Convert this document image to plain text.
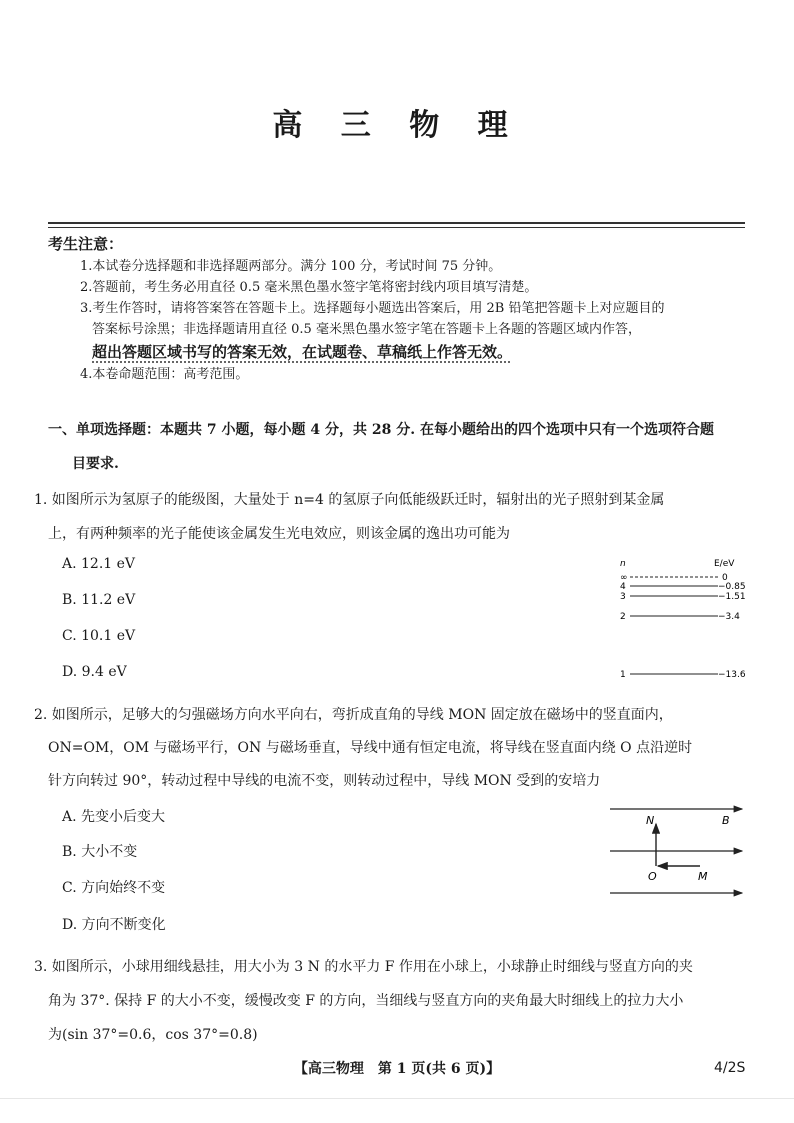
高 三 物 理
考生注意：

1.本试卷分选择题和非选择题两部分。满分 100 分，考试时间 75 分钟。

2.答题前，考生务必用直径 0.5 毫米黑色墨水签字笔将密封线内项目填写清楚。

3.考生作答时，请将答案答在答题卡上。选择题每小题选出答案后，用 2B 铅笔把答题卡上对应题目的

答案标号涂黑；非选择题请用直径 0.5 毫米黑色墨水签字笔在答题卡上各题的答题区域内作答，

超出答题区域书写的答案无效，在试题卷、草稿纸上作答无效。

4.本卷命题范围：高考范围。

一、单项选择题：本题共 7 小题，每小题 4 分，共 28 分. 在每小题给出的四个选项中只有一个选项符合题
目要求.
1. 如图所示为氢原子的能级图，大量处于 n=4 的氢原子向低能级跃迁时，辐射出的光子照射到某金属
上，有两种频率的光子能使该金属发生光电效应，则该金属的逸出功可能为
A. 12.1 eV
B. 11.2 eV
C. 10.1 eV
D. 9.4 eV
n	E/eV
∞
4
3
2
1
0
−0.85
−1.51
−3.4
−13.6
2. 如图所示，足够大的匀强磁场方向水平向右，弯折成直角的导线 MON 固定放在磁场中的竖直面内，
ON=OM，OM 与磁场平行，ON 与磁场垂直，导线中通有恒定电流，将导线在竖直面内绕 O 点沿逆时
针方向转过 90°，转动过程中导线的电流不变，则转动过程中，导线 MON 受到的安培力
A. 先变小后变大
B. 大小不变
C. 方向始终不变
D. 方向不断变化
N	B
O	M
3. 如图所示，小球用细线悬挂，用大小为 3 N 的水平力 F 作用在小球上，小球静止时细线与竖直方向的夹
角为 37°. 保持 F 的大小不变，缓慢改变 F 的方向，当细线与竖直方向的夹角最大时细线上的拉力大小
为(sin 37°=0.6，cos 37°=0.8)
【高三物理　第 1 页(共 6 页)】	4/2S
